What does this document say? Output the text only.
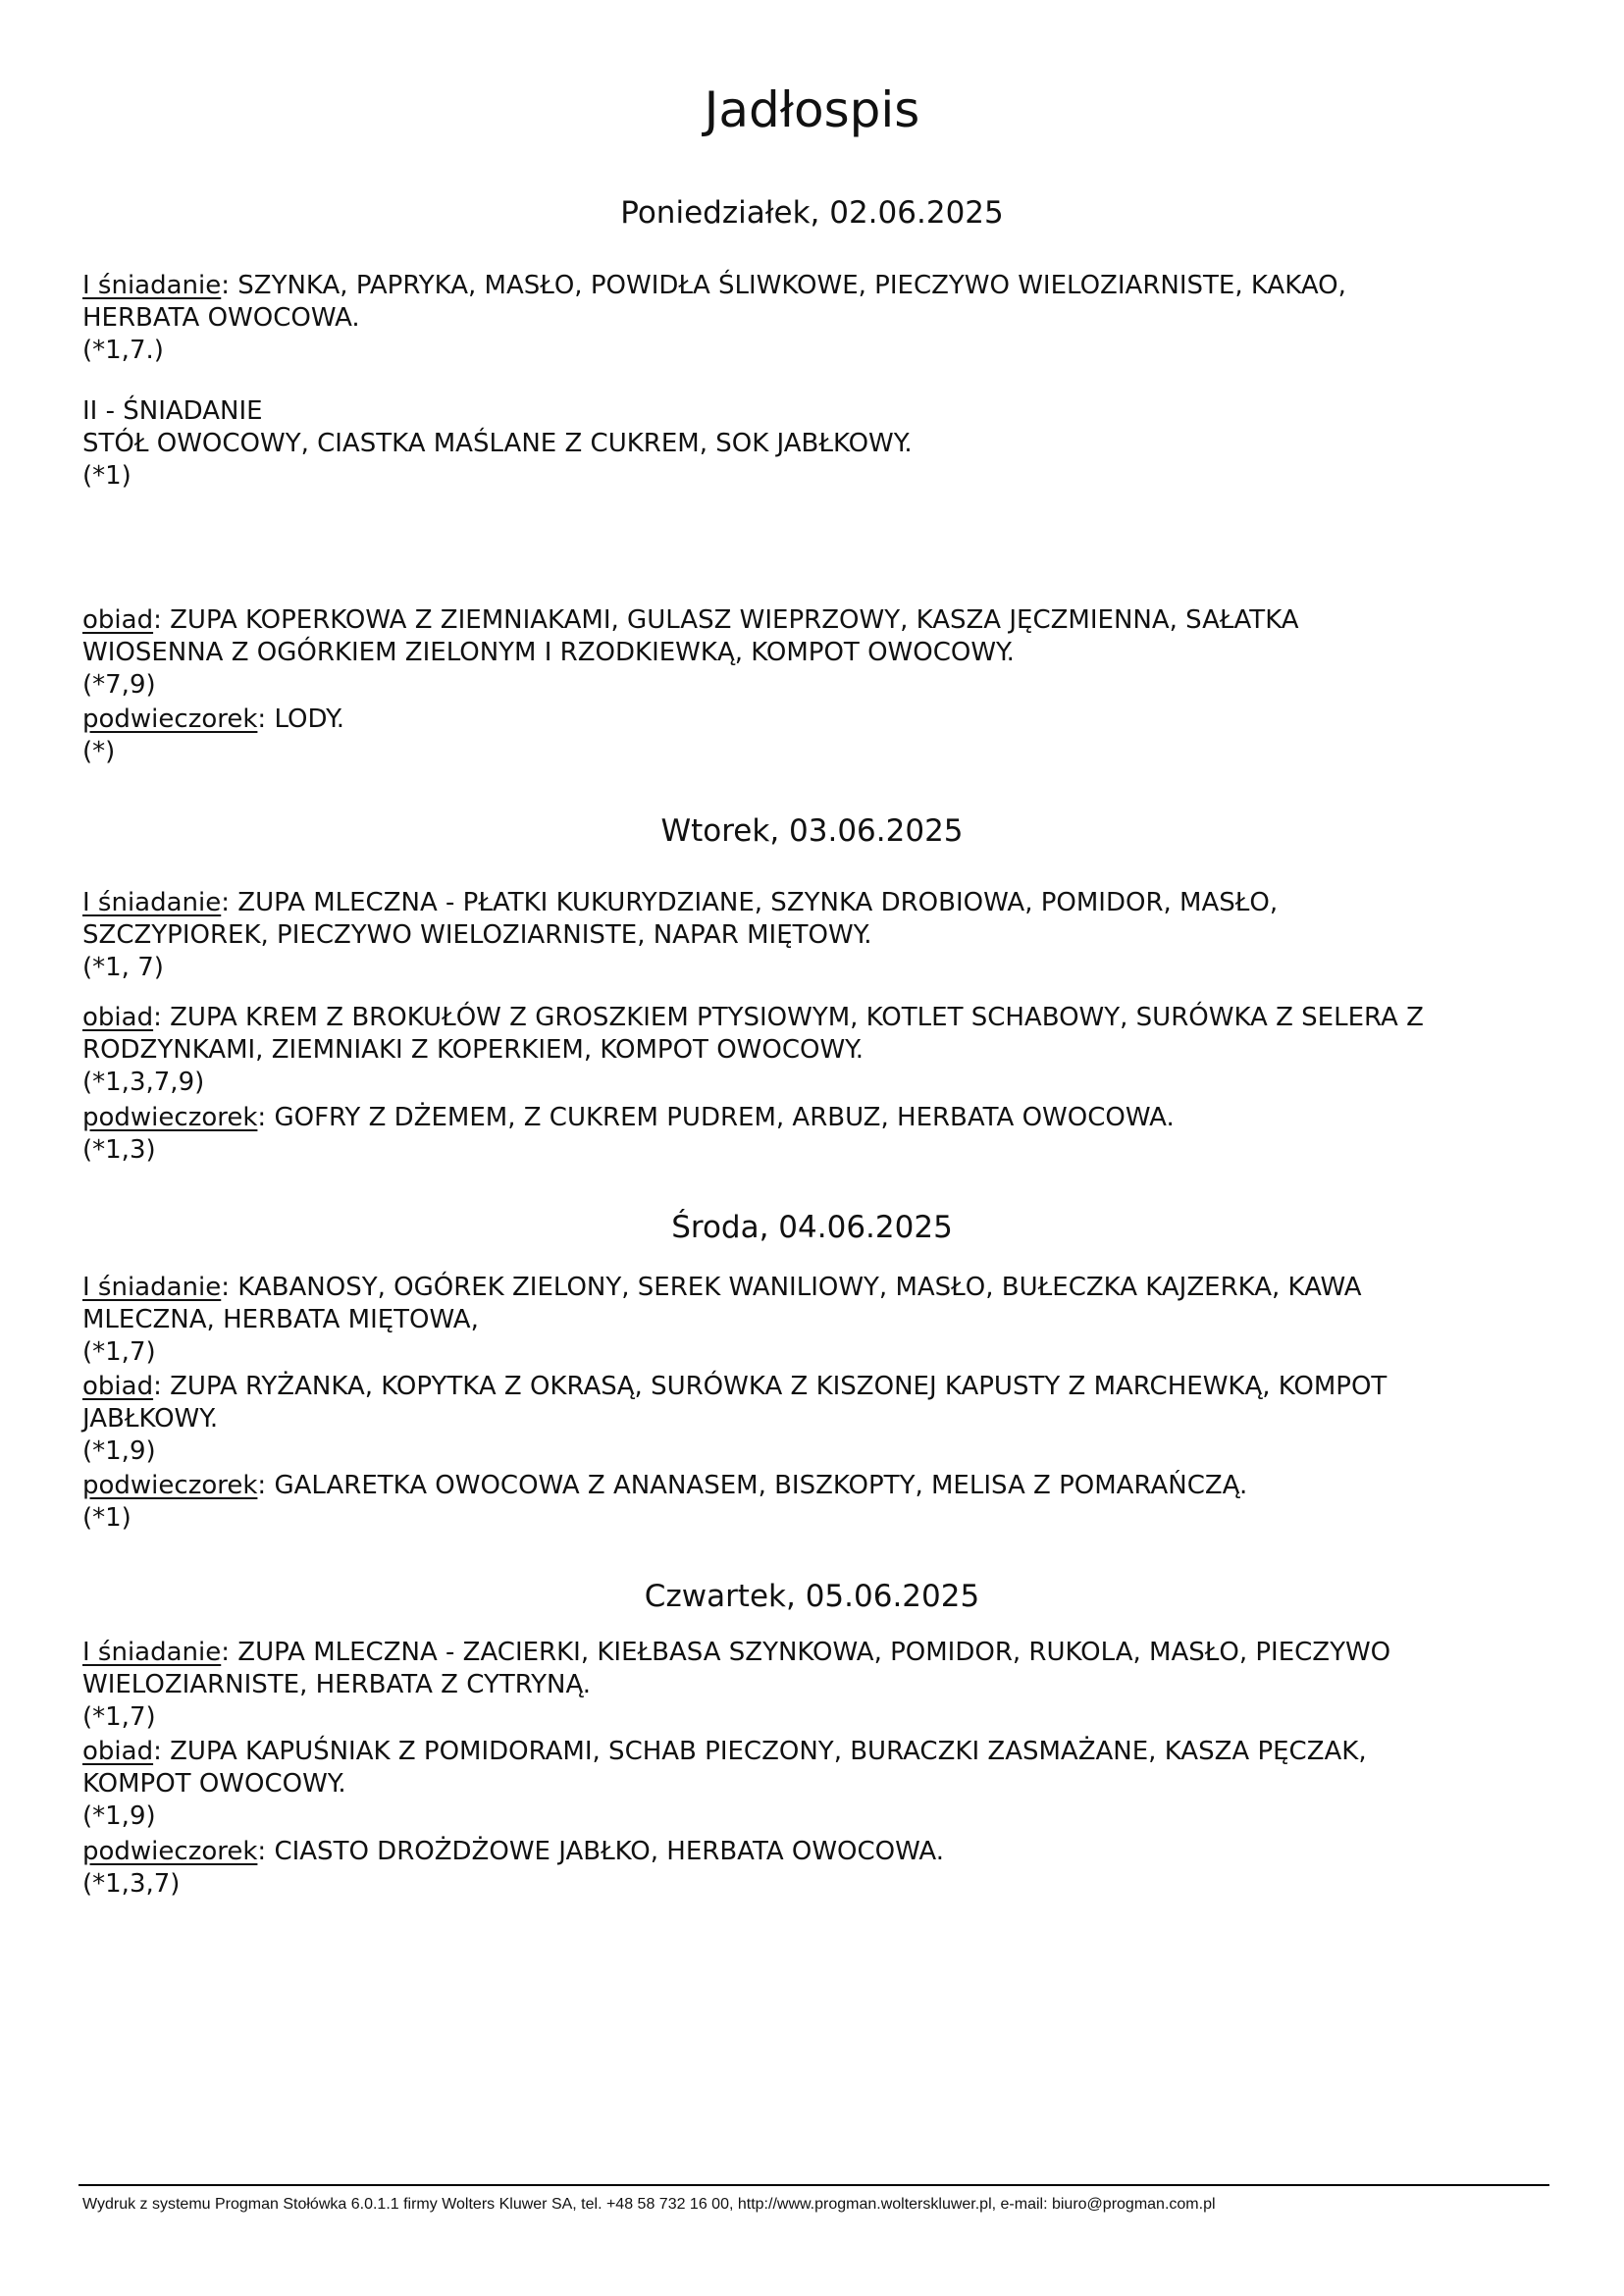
Jadłospis
Poniedziałek, 02.06.2025
I śniadanie: SZYNKA, PAPRYKA, MASŁO, POWIDŁA ŚLIWKOWE, PIECZYWO WIELOZIARNISTE, KAKAO,
HERBATA OWOCOWA.
(*1,7.)
II - ŚNIADANIE
STÓŁ OWOCOWY, CIASTKA MAŚLANE Z CUKREM, SOK JABŁKOWY.
(*1)
obiad: ZUPA KOPERKOWA Z ZIEMNIAKAMI, GULASZ WIEPRZOWY, KASZA JĘCZMIENNA, SAŁATKA
WIOSENNA Z OGÓRKIEM ZIELONYM I RZODKIEWKĄ, KOMPOT OWOCOWY.
(*7,9)
podwieczorek: LODY.
(*)
Wtorek, 03.06.2025
I śniadanie: ZUPA MLECZNA - PŁATKI KUKURYDZIANE, SZYNKA DROBIOWA, POMIDOR, MASŁO,
SZCZYPIOREK, PIECZYWO WIELOZIARNISTE, NAPAR MIĘTOWY.
(*1, 7)
obiad: ZUPA KREM Z BROKUŁÓW Z GROSZKIEM PTYSIOWYM, KOTLET SCHABOWY, SURÓWKA Z SELERA Z
RODZYNKAMI, ZIEMNIAKI Z KOPERKIEM, KOMPOT OWOCOWY.
(*1,3,7,9)
podwieczorek: GOFRY Z DŻEMEM, Z CUKREM PUDREM, ARBUZ, HERBATA OWOCOWA.
(*1,3)
Środa, 04.06.2025
I śniadanie: KABANOSY, OGÓREK ZIELONY, SEREK WANILIOWY, MASŁO, BUŁECZKA KAJZERKA, KAWA
MLECZNA, HERBATA MIĘTOWA,
(*1,7)
obiad: ZUPA RYŻANKA, KOPYTKA Z OKRASĄ, SURÓWKA Z KISZONEJ KAPUSTY Z MARCHEWKĄ, KOMPOT
JABŁKOWY.
(*1,9)
podwieczorek: GALARETKA OWOCOWA Z ANANASEM, BISZKOPTY, MELISA Z POMARAŃCZĄ.
(*1)
Czwartek, 05.06.2025
I śniadanie: ZUPA MLECZNA - ZACIERKI, KIEŁBASA SZYNKOWA, POMIDOR, RUKOLA, MASŁO, PIECZYWO
WIELOZIARNISTE, HERBATA Z CYTRYNĄ.
(*1,7)
obiad: ZUPA KAPUŚNIAK Z POMIDORAMI, SCHAB PIECZONY, BURACZKI ZASMAŻANE, KASZA PĘCZAK,
KOMPOT OWOCOWY.
(*1,9)
podwieczorek: CIASTO DROŻDŻOWE JABŁKO, HERBATA OWOCOWA.
(*1,3,7)
Wydruk z systemu Progman Stołówka 6.0.1.1 firmy Wolters Kluwer SA, tel. +48 58 732 16 00, http://www.progman.wolterskluwer.pl, e-mail: biuro@progman.com.pl
